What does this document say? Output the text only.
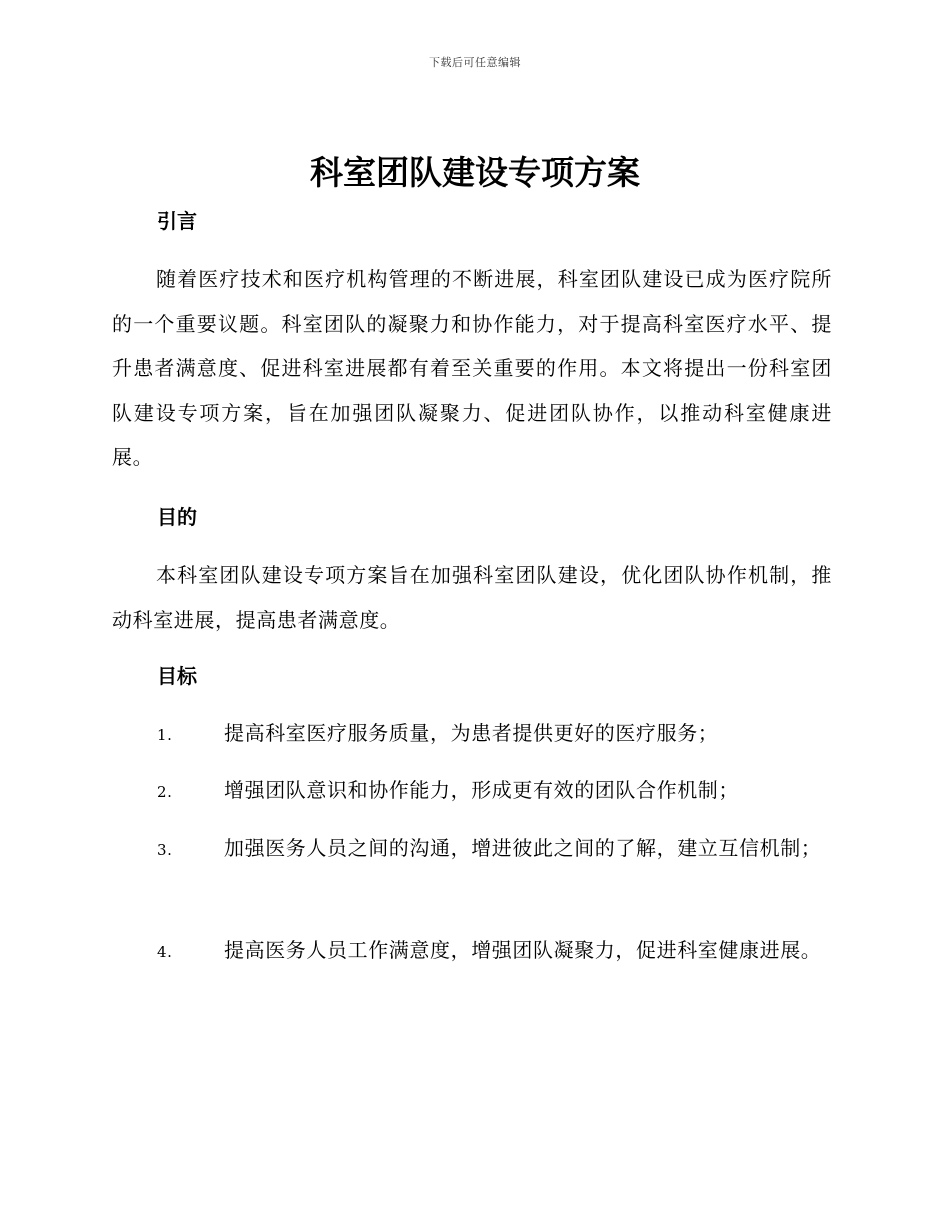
下载后可任意编辑
科室团队建设专项方案
引言

随着医疗技术和医疗机构管理的不断进展，科室团队建设已成为医疗院所的一个重要议题。科室团队的凝聚力和协作能力，对于提高科室医疗水平、提升患者满意度、促进科室进展都有着至关重要的作用。本文将提出一份科室团队建设专项方案，旨在加强团队凝聚力、促进团队协作，以推动科室健康进展。

目的

本科室团队建设专项方案旨在加强科室团队建设，优化团队协作机制，推动科室进展，提高患者满意度。

目标
1.	提高科室医疗服务质量，为患者提供更好的医疗服务；
2.	增强团队意识和协作能力，形成更有效的团队合作机制；
3.	加强医务人员之间的沟通，增进彼此之间的了解，建立互信机制；
4.	提高医务人员工作满意度，增强团队凝聚力，促进科室健康进展。
